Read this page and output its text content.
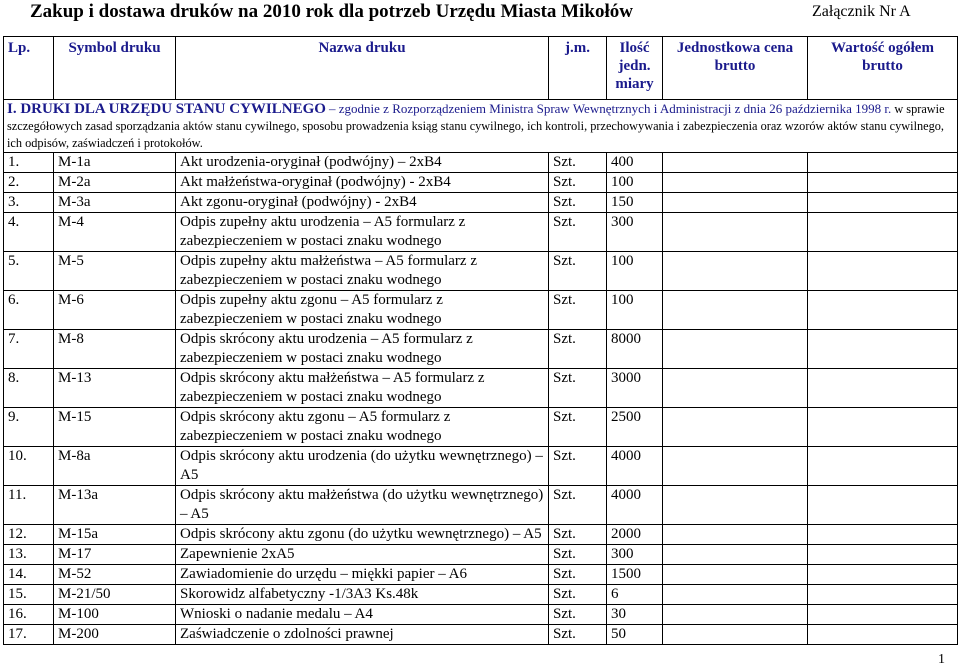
Zakup i dostawa druków na 2010 rok dla potrzeb Urzędu Miasta Mikołów	Załącznik Nr A
Lp.	Symbol druku	Nazwa druku	j.m.	Ilość jedn. miary	Jednostkowa cena brutto	Wartość ogółem brutto
I. DRUKI DLA URZĘDU STANU CYWILNEGO – zgodnie z Rozporządzeniem Ministra Spraw Wewnętrznych i Administracji z dnia 26 października 1998 r. w sprawie szczegółowych zasad sporządzania aktów stanu cywilnego, sposobu prowadzenia ksiąg stanu cywilnego, ich kontroli, przechowywania i zabezpieczenia oraz wzorów aktów stanu cywilnego, ich odpisów, zaświadczeń i protokołów.						
1.	M-1a	Akt urodzenia-oryginał (podwójny) – 2xB4	Szt.	400		
2.	M-2a	Akt małżeństwa-oryginał (podwójny) - 2xB4	Szt.	100		
3.	M-3a	Akt zgonu-oryginał (podwójny) - 2xB4	Szt.	150		
4.	M-4	Odpis zupełny aktu urodzenia – A5 formularz z zabezpieczeniem w postaci znaku wodnego	Szt.	300		
5.	M-5	Odpis zupełny aktu małżeństwa – A5 formularz z zabezpieczeniem w postaci znaku wodnego	Szt.	100		
6.	M-6	Odpis zupełny aktu zgonu – A5 formularz z zabezpieczeniem w postaci znaku wodnego	Szt.	100		
7.	M-8	Odpis skrócony aktu urodzenia – A5 formularz z zabezpieczeniem w postaci znaku wodnego	Szt.	8000		
8.	M-13	Odpis skrócony aktu małżeństwa – A5 formularz z zabezpieczeniem w postaci znaku wodnego	Szt.	3000		
9.	M-15	Odpis skrócony aktu zgonu – A5 formularz z zabezpieczeniem w postaci znaku wodnego	Szt.	2500		
10.	M-8a	Odpis skrócony aktu urodzenia (do użytku wewnętrznego) – A5	Szt.	4000		
11.	M-13a	Odpis skrócony aktu małżeństwa (do użytku wewnętrznego) – A5	Szt.	4000		
12.	M-15a	Odpis skrócony aktu zgonu (do użytku wewnętrznego) – A5	Szt.	2000		
13.	M-17	Zapewnienie 2xA5	Szt.	300		
14.	M-52	Zawiadomienie do urzędu – miękki papier – A6	Szt.	1500		
15.	M-21/50	Skorowidz alfabetyczny -1/3A3 Ks.48k	Szt.	6		
16.	M-100	Wnioski o nadanie medalu – A4	Szt.	30		
17.	M-200	Zaświadczenie o zdolności prawnej	Szt.	50		
1
